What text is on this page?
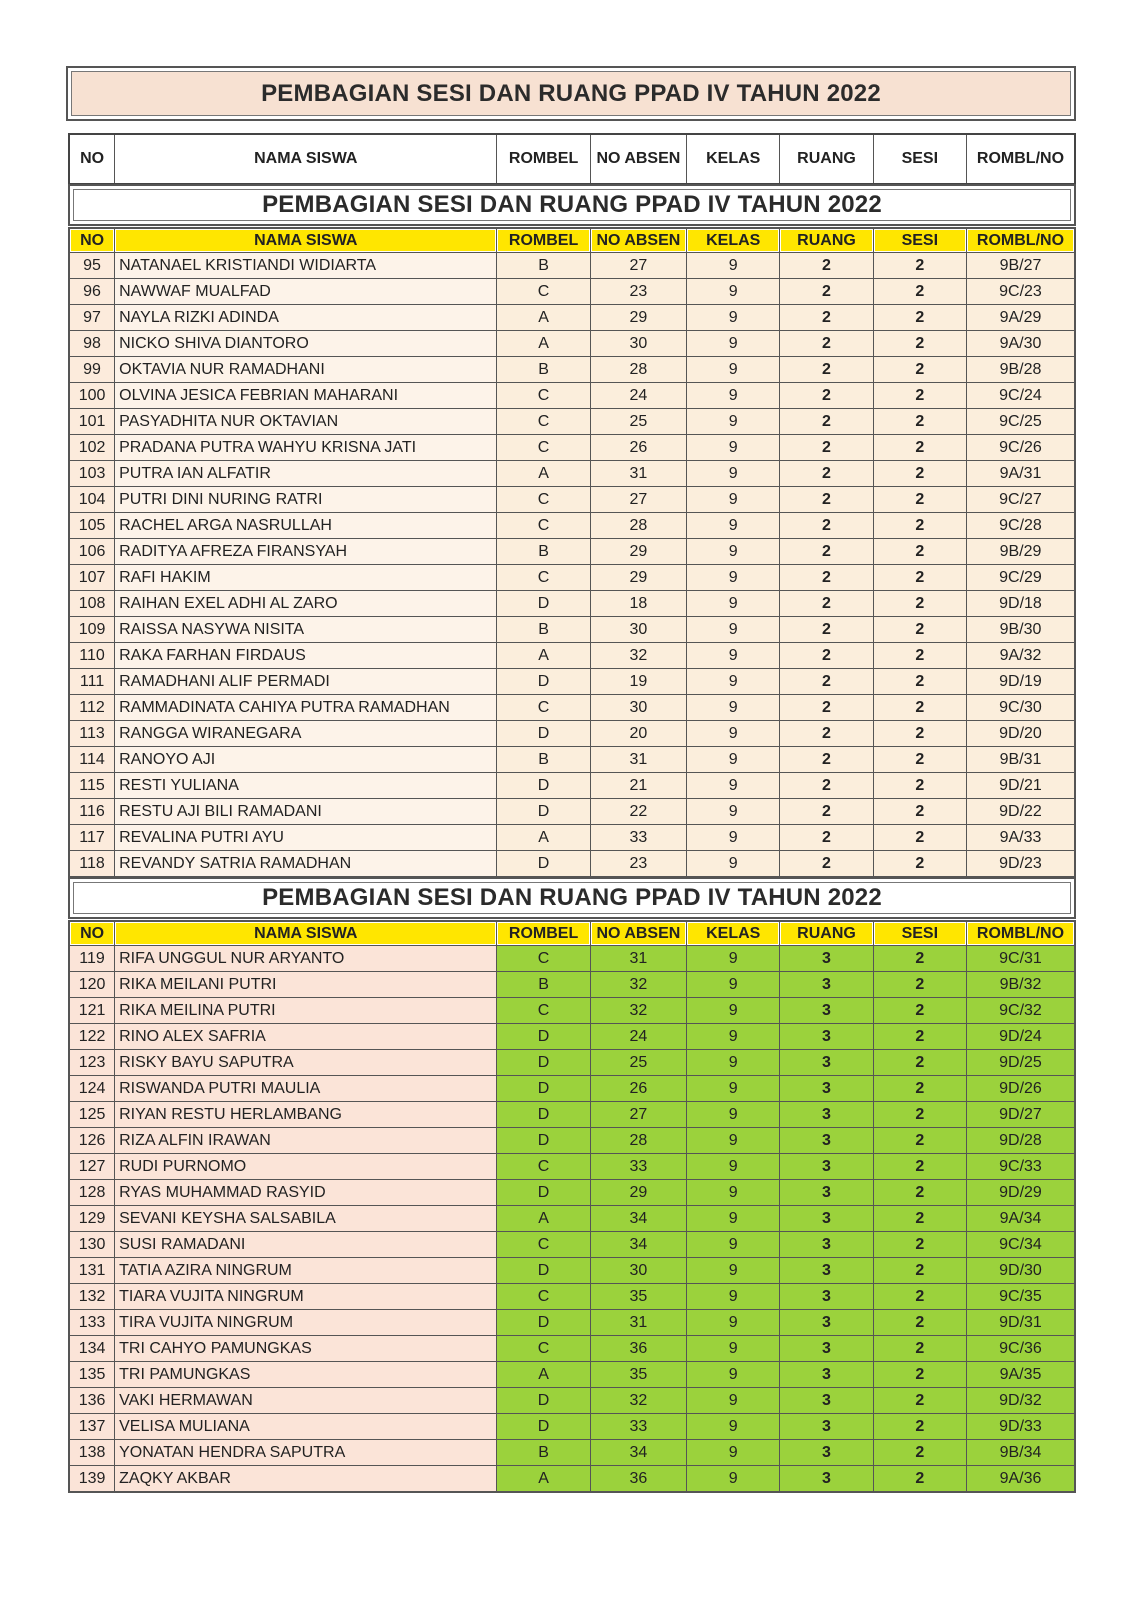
PEMBAGIAN SESI DAN RUANG PPAD IV TAHUN 2022
NO	NAMA SISWA	ROMBEL	NO ABSEN	KELAS	RUANG	SESI	ROMBL/NO
PEMBAGIAN SESI DAN RUANG PPAD IV TAHUN 2022
NO	NAMA SISWA	ROMBEL	NO ABSEN	KELAS	RUANG	SESI	ROMBL/NO
95	NATANAEL KRISTIANDI WIDIARTA	B	27	9	2	2	9B/27
96	NAWWAF MUALFAD	C	23	9	2	2	9C/23
97	NAYLA RIZKI ADINDA	A	29	9	2	2	9A/29
98	NICKO SHIVA DIANTORO	A	30	9	2	2	9A/30
99	OKTAVIA NUR RAMADHANI	B	28	9	2	2	9B/28
100	OLVINA JESICA FEBRIAN MAHARANI	C	24	9	2	2	9C/24
101	PASYADHITA NUR OKTAVIAN	C	25	9	2	2	9C/25
102	PRADANA PUTRA WAHYU KRISNA JATI	C	26	9	2	2	9C/26
103	PUTRA IAN ALFATIR	A	31	9	2	2	9A/31
104	PUTRI DINI NURING RATRI	C	27	9	2	2	9C/27
105	RACHEL ARGA NASRULLAH	C	28	9	2	2	9C/28
106	RADITYA AFREZA FIRANSYAH	B	29	9	2	2	9B/29
107	RAFI HAKIM	C	29	9	2	2	9C/29
108	RAIHAN EXEL ADHI AL ZARO	D	18	9	2	2	9D/18
109	RAISSA NASYWA NISITA	B	30	9	2	2	9B/30
110	RAKA FARHAN FIRDAUS	A	32	9	2	2	9A/32
111	RAMADHANI ALIF PERMADI	D	19	9	2	2	9D/19
112	RAMMADINATA CAHIYA PUTRA RAMADHAN	C	30	9	2	2	9C/30
113	RANGGA WIRANEGARA	D	20	9	2	2	9D/20
114	RANOYO AJI	B	31	9	2	2	9B/31
115	RESTI YULIANA	D	21	9	2	2	9D/21
116	RESTU AJI BILI RAMADANI	D	22	9	2	2	9D/22
117	REVALINA PUTRI AYU	A	33	9	2	2	9A/33
118	REVANDY SATRIA RAMADHAN	D	23	9	2	2	9D/23
PEMBAGIAN SESI DAN RUANG PPAD IV TAHUN 2022
NO	NAMA SISWA	ROMBEL	NO ABSEN	KELAS	RUANG	SESI	ROMBL/NO
119	RIFA UNGGUL NUR ARYANTO	C	31	9	3	2	9C/31
120	RIKA MEILANI PUTRI	B	32	9	3	2	9B/32
121	RIKA MEILINA PUTRI	C	32	9	3	2	9C/32
122	RINO ALEX SAFRIA	D	24	9	3	2	9D/24
123	RISKY BAYU SAPUTRA	D	25	9	3	2	9D/25
124	RISWANDA PUTRI MAULIA	D	26	9	3	2	9D/26
125	RIYAN RESTU HERLAMBANG	D	27	9	3	2	9D/27
126	RIZA ALFIN IRAWAN	D	28	9	3	2	9D/28
127	RUDI PURNOMO	C	33	9	3	2	9C/33
128	RYAS MUHAMMAD RASYID	D	29	9	3	2	9D/29
129	SEVANI KEYSHA SALSABILA	A	34	9	3	2	9A/34
130	SUSI RAMADANI	C	34	9	3	2	9C/34
131	TATIA AZIRA NINGRUM	D	30	9	3	2	9D/30
132	TIARA VUJITA NINGRUM	C	35	9	3	2	9C/35
133	TIRA VUJITA NINGRUM	D	31	9	3	2	9D/31
134	TRI CAHYO PAMUNGKAS	C	36	9	3	2	9C/36
135	TRI PAMUNGKAS	A	35	9	3	2	9A/35
136	VAKI HERMAWAN	D	32	9	3	2	9D/32
137	VELISA MULIANA	D	33	9	3	2	9D/33
138	YONATAN HENDRA SAPUTRA	B	34	9	3	2	9B/34
139	ZAQKY AKBAR	A	36	9	3	2	9A/36
